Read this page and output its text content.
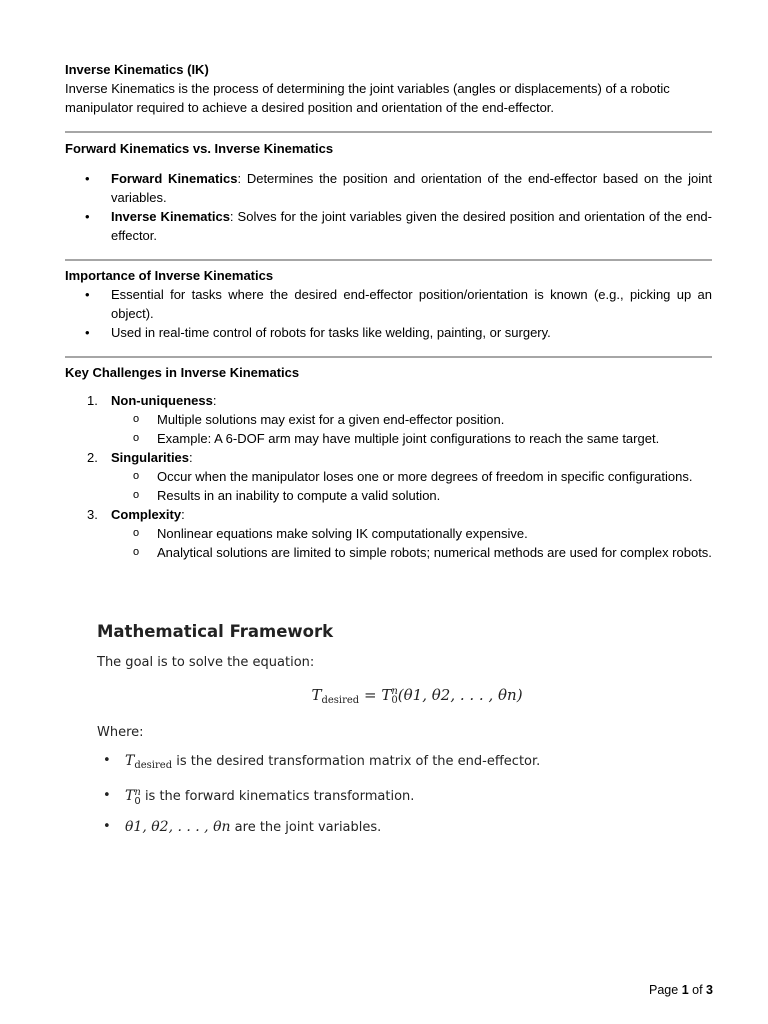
Inverse Kinematics (IK)

Inverse Kinematics is the process of determining the joint variables (angles or displacements) of a robotic manipulator required to achieve a desired position and orientation of the end-effector.

Forward Kinematics vs. Inverse Kinematics

• Forward Kinematics: Determines the position and orientation of the end-effector based on the joint variables.
• Inverse Kinematics: Solves for the joint variables given the desired position and orientation of the end-effector.

Importance of Inverse Kinematics

• Essential for tasks where the desired end-effector position/orientation is known (e.g., picking up an object).
• Used in real-time control of robots for tasks like welding, painting, or surgery.

Key Challenges in Inverse Kinematics

1. Non-uniqueness:
o Multiple solutions may exist for a given end-effector position.
o Example: A 6-DOF arm may have multiple joint configurations to reach the same target.
2. Singularities:
o Occur when the manipulator loses one or more degrees of freedom in specific configurations.
o Results in an inability to compute a valid solution.
3. Complexity:
o Nonlinear equations make solving IK computationally expensive.
o Analytical solutions are limited to simple robots; numerical methods are used for complex robots.
Mathematical Framework

The goal is to solve the equation:

$T_{desired} = T$ n
0 (θ1, θ2, . . . , θn)

Where:

• $T_{desired}$ is the desired transformation matrix of the end-effector.
• T n
0 is the forward kinematics transformation.
• θ1, θ2, . . . , θn are the joint variables.
Page 1 of 3
